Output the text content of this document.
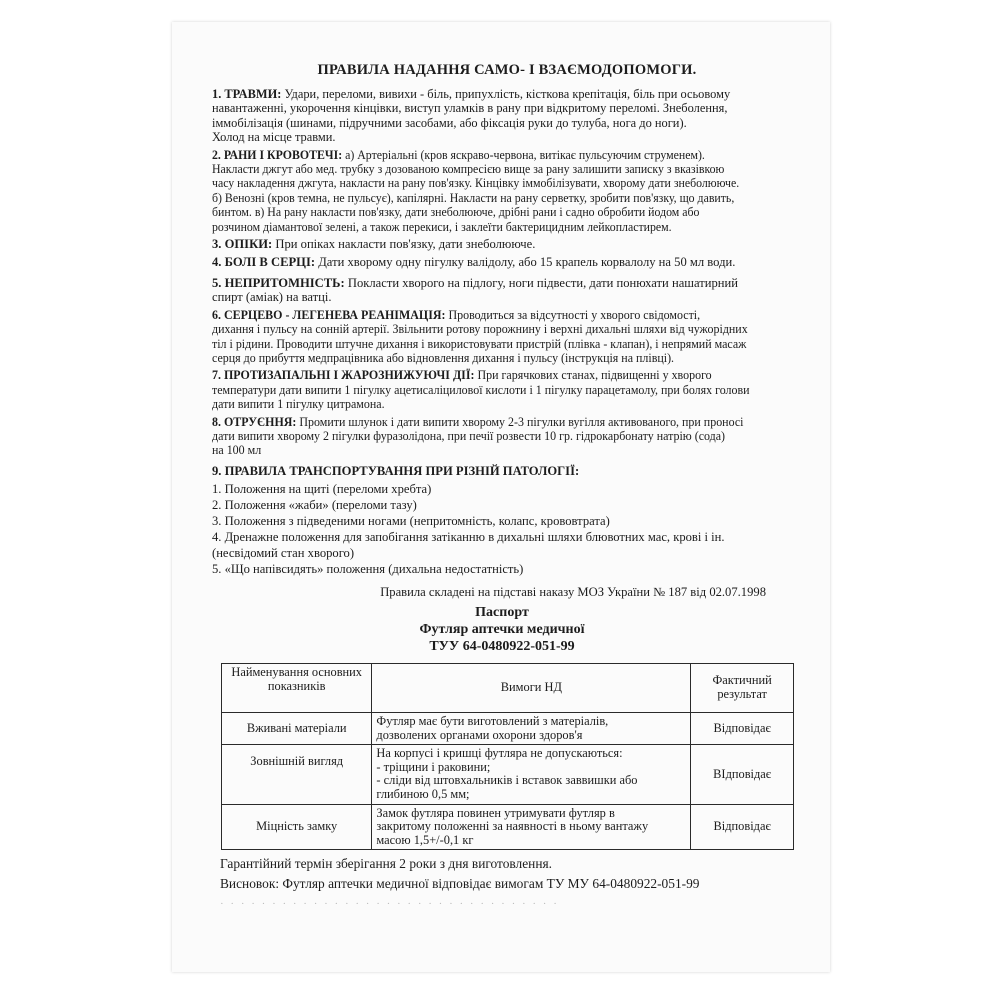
ПРАВИЛА НАДАННЯ САМО- І ВЗАЄМОДОПОМОГИ.
1. ТРАВМИ: Удари, переломи, вивихи - біль, припухлість, кісткова крепітація, біль при осьовому
навантаженні, укорочення кінцівки, виступ уламків в рану при відкритому переломі. Знеболення,
іммобілізація (шинами, підручними засобами, або фіксація руки до тулуба, нога до ноги).
Холод на місце травми.
2. РАНИ І КРОВОТЕЧІ: а) Артеріальні (кров яскраво-червона, витікає пульсуючим струменем).
Накласти джгут або мед. трубку з дозованою компресією вище за рану залишити записку з вказівкою
часу накладення джгута, накласти на рану пов'язку. Кінцівку іммобілізувати, хворому дати знеболююче.
б) Венозні (кров темна, не пульсує), капілярні. Накласти на рану серветку, зробити пов'язку, що давить,
бинтом. в) На рану накласти пов'язку, дати знеболююче, дрібні рани і садно обробити йодом або
розчином діамантової зелені, а також перекиси, і заклеїти бактерицидним лейкопластирем.
3. ОПІКИ: При опіках накласти пов'язку, дати знеболююче.
4. БОЛІ В СЕРЦІ: Дати хворому одну пігулку валідолу, або 15 крапель корвалолу на 50 мл води.
5. НЕПРИТОМНІСТЬ: Покласти хворого на підлогу, ноги підвести, дати понюхати нашатирний
спирт (аміак) на ватці.
6. СЕРЦЕВО - ЛЕГЕНЕВА РЕАНІМАЦІЯ: Проводиться за відсутності у хворого свідомості,
дихання і пульсу на сонній артерії. Звільнити ротову порожнину і верхні дихальні шляхи від чужорідних
тіл і рідини. Проводити штучне дихання і використовувати пристрій (плівка - клапан), і непрямий масаж
серця до прибуття медпрацівника або відновлення дихання і пульсу (інструкція на плівці).
7. ПРОТИЗАПАЛЬНІ І ЖАРОЗНИЖУЮЧІ ДІЇ: При гарячкових станах, підвищенні у хворого
температури дати випити 1 пігулку ацетисаліцилової кислоти і 1 пігулку парацетамолу, при болях голови
дати випити 1 пігулку цитрамона.
8. ОТРУЄННЯ: Промити шлунок і дати випити хворому 2-3 пігулки вугілля активованого, при проносі
дати випити хворому 2 пігулки фуразолідона, при печії розвести 10 гр. гідрокарбонату натрію (сода)
на 100 мл
9. ПРАВИЛА ТРАНСПОРТУВАННЯ ПРИ РІЗНІЙ ПАТОЛОГІЇ:
1. Положення на щиті (переломи хребта)
2. Положення «жаби» (переломи тазу)
3. Положення з підведеними ногами (непритомність, колапс, крововтрата)
4. Дренажне положення для запобігання затіканню в дихальні шляхи блювотних мас, крові і ін.
(несвідомий стан хворого)
5. «Що напівсидять» положення (дихальна недостатність)
Правила складені на підставі наказу МОЗ України № 187 від 02.07.1998
Паспорт
Футляр аптечки медичної
ТУУ 64-0480922-051-99
Найменування основних показників	Вимоги НД	Фактичний результат
Вживані матеріали	Футляр має бути виготовлений з матеріалів,
дозволених органами охорони здоров'я	Відповідає
Зовнішній вигляд	На корпусі і кришці футляра не допускаються:
- тріщини і раковини;
- сліди від штовхальників і вставок заввишки або
глибиною 0,5 мм;	ВІдповідає
Міцність замку	Замок футляра повинен утримувати футляр в
закритому положенні за наявності в ньому вантажу
масою 1,5+/-0,1 кг	Відповідає
Гарантійний термін зберігання 2 роки з дня виготовлення.
Висновок: Футляр аптечки медичної відповідає вимогам ТУ МУ 64-0480922-051-99
· · · · · · · · · · · · · · · · · · · · · · · · · · · · · · · · ·
